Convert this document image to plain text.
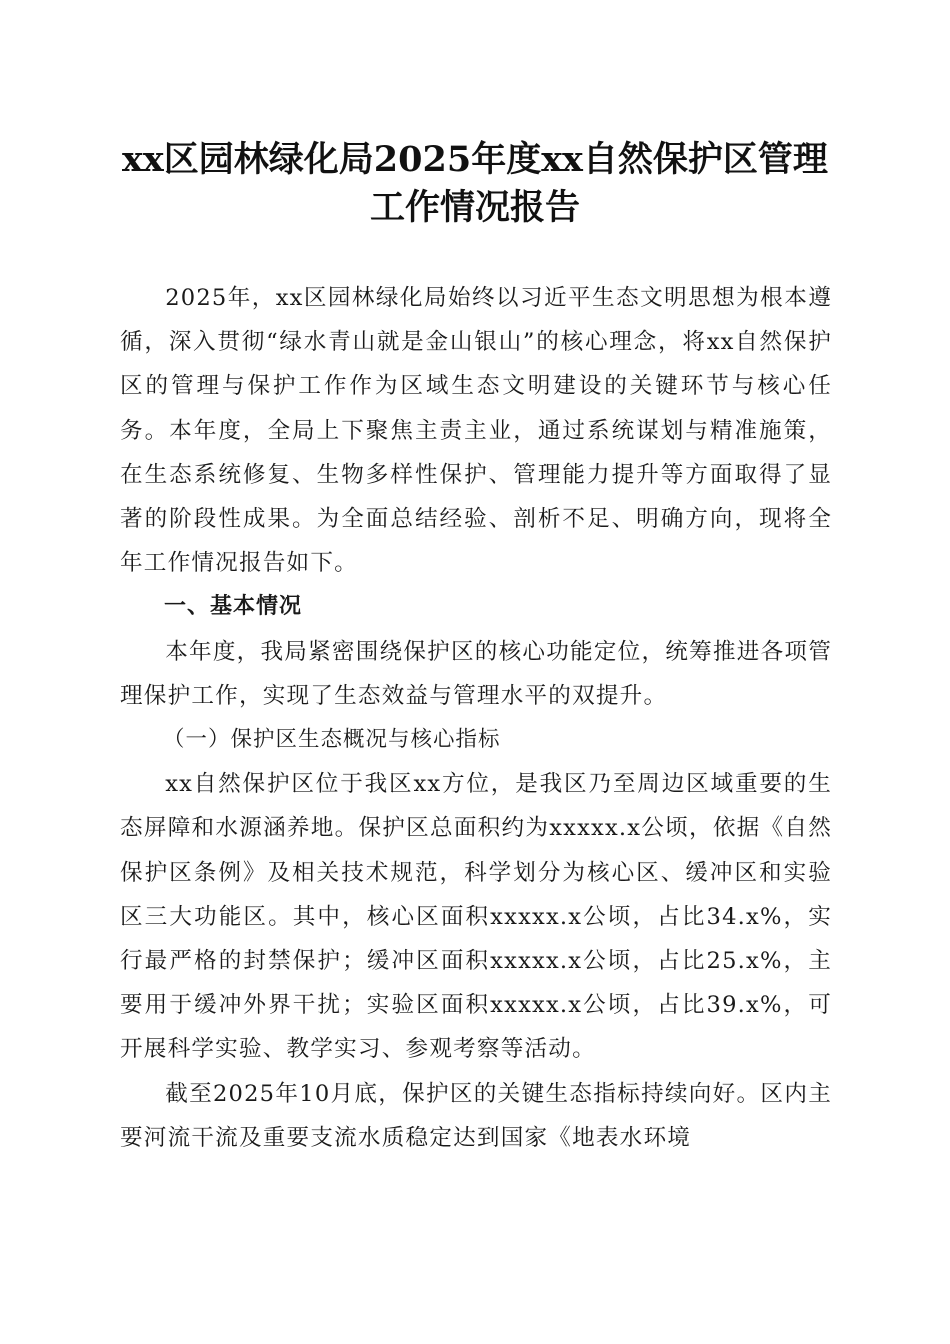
xx区园林绿化局2025年度xx自然保护区管理
工作情况报告

2025年，xx区园林绿化局始终以习近平生态文明思想为根本遵循，深入贯彻“绿水青山就是金山银山”的核心理念，将xx自然保护区的管理与保护工作作为区域生态文明建设的关键环节与核心任务。本年度，全局上下聚焦主责主业，通过系统谋划与精准施策，在生态系统修复、生物多样性保护、管理能力提升等方面取得了显著的阶段性成果。为全面总结经验、剖析不足、明确方向，现将全年工作情况报告如下。

一、基本情况

本年度，我局紧密围绕保护区的核心功能定位，统筹推进各项管理保护工作，实现了生态效益与管理水平的双提升。

（一）保护区生态概况与核心指标

xx自然保护区位于我区xx方位，是我区乃至周边区域重要的生态屏障和水源涵养地。保护区总面积约为xxxxx.x公顷，依据《自然保护区条例》及相关技术规范，科学划分为核心区、缓冲区和实验区三大功能区。其中，核心区面积xxxxx.x公顷，占比34.x%，实行最严格的封禁保护；缓冲区面积xxxxx.x公顷，占比25.x%，主要用于缓冲外界干扰；实验区面积xxxxx.x公顷，占比39.x%，可开展科学实验、教学实习、参观考察等活动。

截至2025年10月底，保护区的关键生态指标持续向好。区内主要河流干流及重要支流水质稳定达到国家《地表水环境
